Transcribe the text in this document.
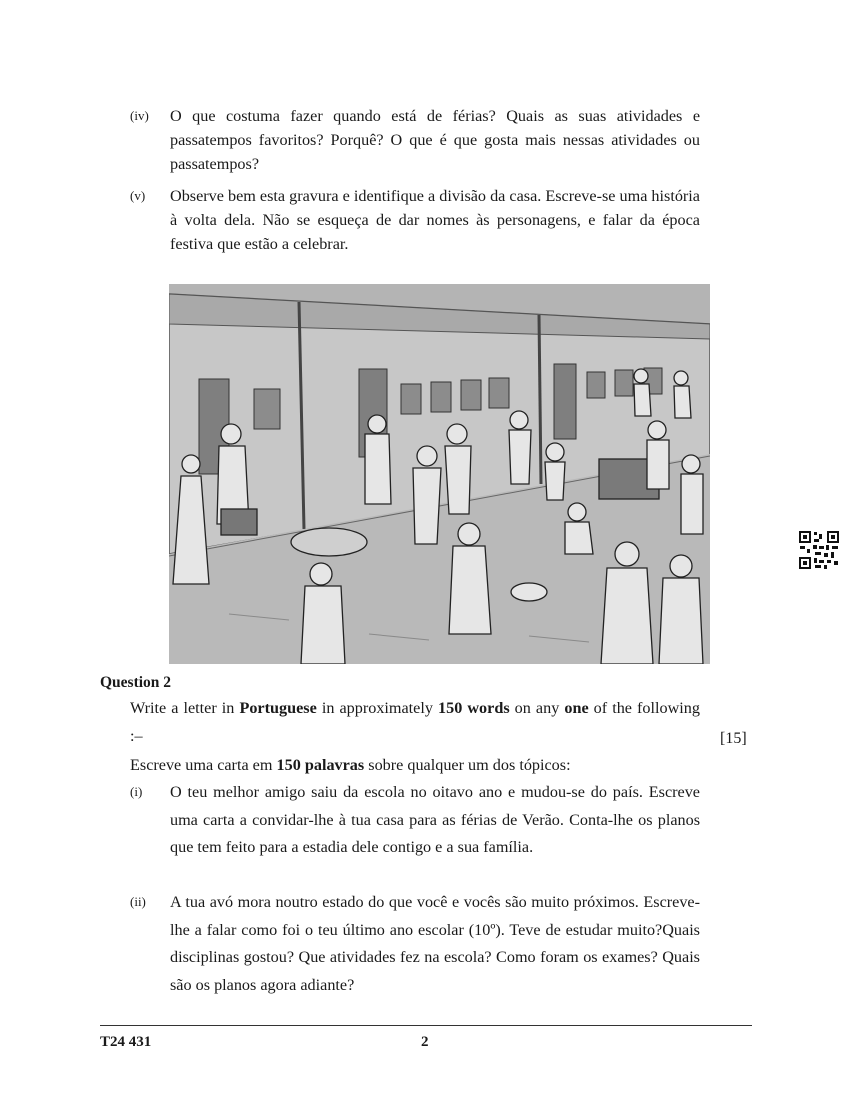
(iv) O que costuma fazer quando está de férias? Quais as suas atividades e passatempos favoritos? Porquê? O que é que gosta mais nessas atividades ou passatempos?
(v) Observe bem esta gravura e identifique a divisão da casa. Escreve-se uma história à volta dela. Não se esqueça de dar nomes às personagens, e falar da época festiva que estão a celebrar.
Question 2
Write a letter in Portuguese in approximately 150 words on any one of the following :–	[15]
Escreve uma carta em 150 palavras sobre qualquer um dos tópicos:
(i) O teu melhor amigo saiu da escola no oitavo ano e mudou-se do país. Escreve uma carta a convidar-lhe à tua casa para as férias de Verão. Conta-lhe os planos que tem feito para a estadia dele contigo e a sua família.
(ii) A tua avó mora noutro estado do que você e vocês são muito próximos. Escreve-lhe a falar como foi o teu último ano escolar (10º). Teve de estudar muito?Quais disciplinas gostou? Que atividades fez na escola? Como foram os exames? Quais são os planos agora adiante?
T24 431	2
